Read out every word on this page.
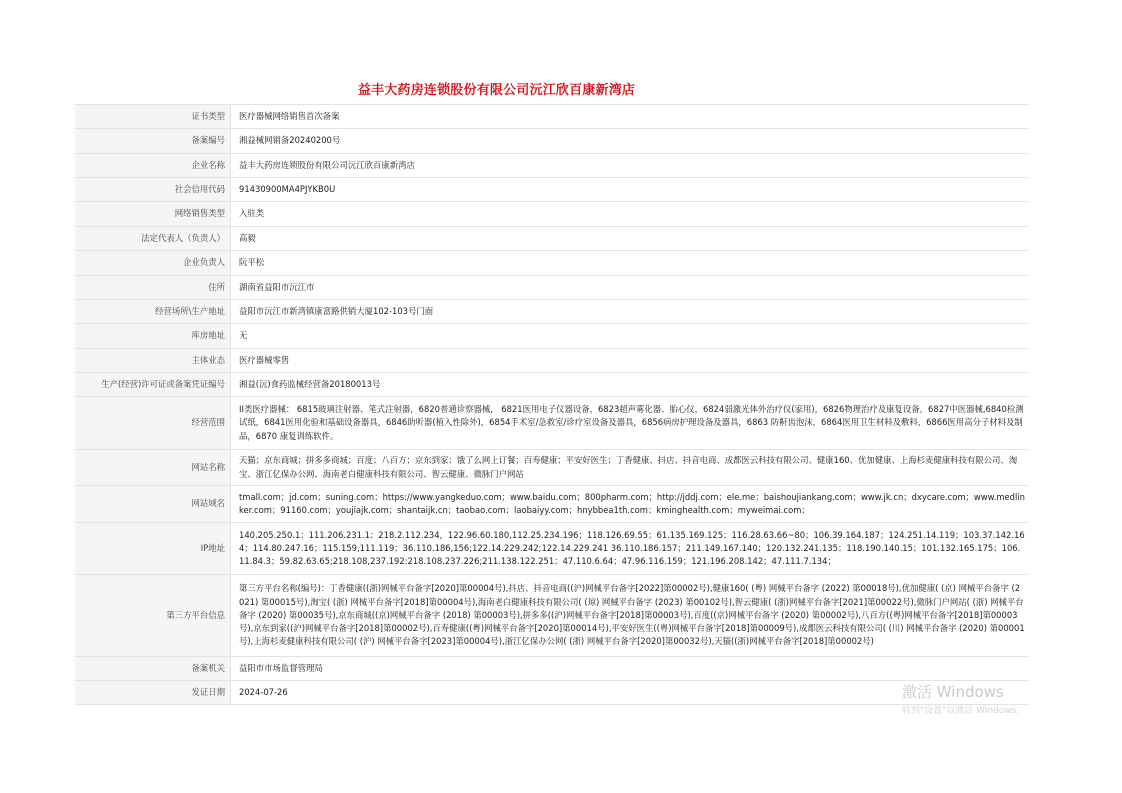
益丰大药房连锁股份有限公司沅江欣百康新湾店
证书类型	医疗器械网络销售首次备案
备案编号	湘益械网销备20240200号
企业名称	益丰大药房连锁股份有限公司沅江欣百康新湾店
社会信用代码	91430900MA4PJYKB0U
网络销售类型	入驻类
法定代表人（负责人）	高毅
企业负责人	阮平松
住所	湖南省益阳市沅江市
经营场所\生产地址	益阳市沅江市新湾镇康富路供销大厦102-103号门面
库房地址	无
主体业态	医疗器械零售
生产(经营)许可证或备案凭证编号	湘益(沅)食药监械经营备20180013号
经营范围	II类医疗器械： 6815玻璃注射器、笔式注射器，6820普通诊察器械， 6821医用电子仪器设备，6823超声雾化器、胎心仪，6824弱激光体外治疗仪(家用)，6826物理治疗及康复设备，6827中医器械,6840检测试纸，6841医用化验和基础设备器具，6846助听器(植入性除外)，6854手术室/急救室/诊疗室设备及器具，6856病房护理设备及器具，6863 防鼾齿泡沫，6864医用卫生材料及敷料，6866医用高分子材料及制品，6870 康复训练软件。
网站名称	天猫；京东商城；拼多多商城；百度；八百方；京东到家；饿了么网上订餐；百寿健康；平安好医生；丁香健康、抖店、抖音电商、成都医云科技有限公司、健康160、优加健康、上海杉麦健康科技有限公司、淘宝、浙江亿保办公网、海南老白健康科技有限公司、智云健康、微脉门户网站
网站域名	tmall.com；jd.com；suning.com；https://www.yangkeduo.com；www.baidu.com；800pharm.com；http://jddj.com；ele.me；baishoujiankang.com；www.jk.cn；dxycare.com；www.medlinker.com；91160.com；youjiajk.com；shantaijk.cn；taobao.com；laobaiyy.com；hnybbea1th.com；kminghealth.com；myweimai.com；
IP地址	140.205.250.1；111.206.231.1；218.2.112.234，122.96.60.180,112.25.234.196；118.126.69.55；61.135.169.125；116.28.63.66~80；106.39.164.187；124.251.14.119；103.37.142.164；114.80.247.16；115.159,111.119；36.110.186,156;122.14.229.242;122.14.229.241 36.110.186.157；211.149.167.140；120.132.241.135；118.190.140.15；101.132.165.175；106.11.84.3；59.82.63.65;218.108,237.192:218.108.237.226;211.138.122.251；47.110.6.64；47.96.116.159；121.196.208.142；47.111.7.134；
第三方平台信息	第三方平台名称(编号)：丁香健康((浙)网械平台备字[2020]第00004号),抖店、抖音电商((沪)网械平台备字[2022]第00002号),健康160( (粤) 网械平台备字 (2022) 第00018号),优加健康( (京) 网械平台备字 (2021) 第00015号),淘宝( (浙) 网械平台备字[2018]第00004号),海南老白健康科技有限公司( (琼) 网械平台备字 (2023) 第00102号),智云健康( (浙)网械平台备字[2021]第00022号),微脉门户网站( (浙) 网械平台备字 (2020) 第00035号),京东商城((京)网械平台备字 (2018) 第00003号),拼多多((沪)网械平台备字[2018]第00003号),百度((京)网械平台备字 (2020) 第00002号),八百方((粤)网械平台备字[2018]第00003号),京东到家((沪)网械平台备字[2018]第00002号),百寿健康((粤)网械平台备字[2020]第00014号),平安好医生((粤)网械平台备字[2018]第00009号),成都医云科技有限公司( (川) 网械平台备字 (2020) 第00001号),上海杉麦健康科技有限公司( (沪) 网械平台备字[2023]第00004号),浙江亿保办公网( (浙) 网械平台备字[2020]第00032号),天猫((浙)网械平台备字[2018]第00002号)
备案机关	益阳市市场监督管理局
发证日期	2024-07-26	激活 Windows
转到"设置"以激活 Windows。
